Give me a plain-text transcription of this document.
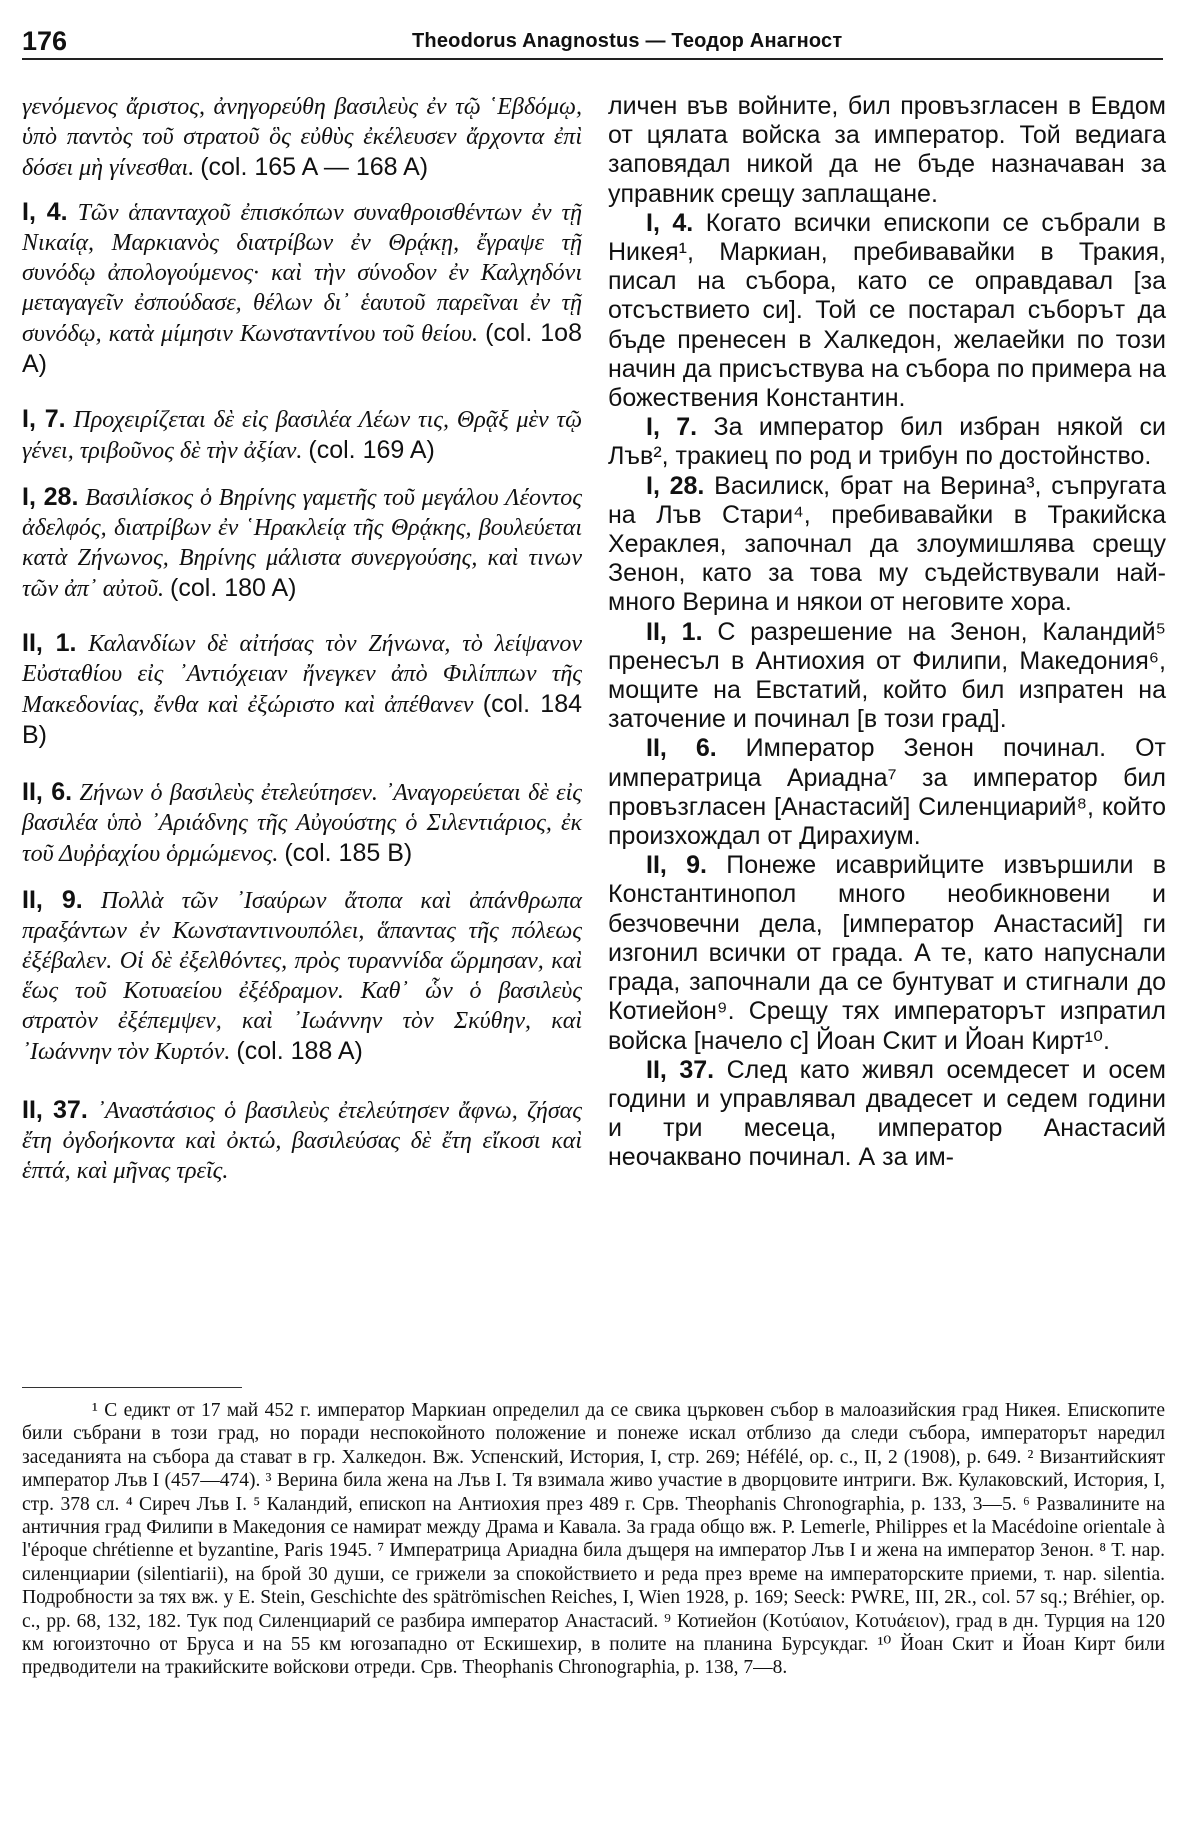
176	Theodorus Anagnostus — Теодор Анагност

γενόμενος ἄριστος, ἀνηγορεύθη βασιλεὺς ἐν τῷ ῾Εβδόμῳ, ὑπὸ παντὸς τοῦ στρατοῦ ὃς εὐθὺς ἐκέλευσεν ἄρχοντα ἐπὶ δόσει μὴ γίνεσθαι. (col. 165 A — 168 A)

I, 4. Τῶν ἁπανταχοῦ ἐπισκόπων συναθροισθέντων ἐν τῇ Νικαίᾳ, Μαρκιανὸς διατρίβων ἐν Θρᾴκῃ, ἔγραψε τῇ συνόδῳ ἀπολογούμενος· καὶ τὴν σύνοδον ἐν Καλχηδόνι μεταγαγεῖν ἐσπούδασε, θέλων δι᾿ ἑαυτοῦ παρεῖναι ἐν τῇ συνόδῳ, κατὰ μίμησιν Κωνσταντίνου τοῦ θείου. (col. 1o8 A)

I, 7. Προχειρίζεται δὲ εἰς βασιλέα Λέων τις, Θρᾷξ μὲν τῷ γένει, τριβοῦνος δὲ τὴν ἀξίαν. (col. 169 A)

I, 28. Βασιλίσκος ὁ Βηρίνης γαμετῆς τοῦ μεγάλου Λέοντος ἀδελφός, διατρίβων ἐν ῾Ηρακλείᾳ τῆς Θρᾴκης, βουλεύεται κατὰ Ζήνωνος, Βηρίνης μάλιστα συνεργούσης, καὶ τινων τῶν ἀπ᾿ αὐτοῦ. (col. 180 A)

II, 1. Καλανδίων δὲ αἰτήσας τὸν Ζήνωνα, τὸ λείψανον Εὐσταθίου εἰς ᾿Αντιόχειαν ἤνεγκεν ἀπὸ Φιλίππων τῆς Μακεδονίας, ἔνθα καὶ ἐξώριστο καὶ ἀπέθανεν (col. 184 B)

II, 6. Ζήνων ὁ βασιλεὺς ἐτελεύτησεν. ᾿Αναγορεύεται δὲ εἰς βασιλέα ὑπὸ ᾿Αριάδνης τῆς Αὐγούστης ὁ Σιλεντιάριος, ἐκ τοῦ Δυῤῥαχίου ὁρμώμενος. (col. 185 B)

II, 9. Πολλὰ τῶν ᾿Ισαύρων ἄτοπα καὶ ἀπάνθρωπα πραξάντων ἐν Κωνσταντινουπόλει, ἅπαντας τῆς πόλεως ἐξέβαλεν. Οἱ δὲ ἐξελθόντες, πρὸς τυραννίδα ὥρμησαν, καὶ ἕως τοῦ Κοτυαείου ἐξέδραμον. Καθ᾿ ὧν ὁ βασιλεὺς στρατὸν ἐξέπεμψεν, καὶ ᾿Ιωάννην τὸν Σκύθην, καὶ ᾿Ιωάννην τὸν Κυρτόν. (col. 188 A)

II, 37. ᾿Αναστάσιος ὁ βασιλεὺς ἐτελεύτησεν ἄφνω, ζήσας ἔτη ὀγδοήκοντα καὶ ὀκτώ, βασιλεύσας δὲ ἔτη εἴκοσι καὶ ἑπτά, καὶ μῆνας τρεῖς.

личен във войните, бил провъзгласен в Евдом от цялата войска за император. Той ведиага заповядал никой да не бъде назначаван за управник срещу заплащане.

I, 4. Когато всички епископи се събрали в Никея¹, Маркиан, пребивавайки в Тракия, писал на събора, като се оправдавал [за отсъствието си]. Той се постарал съборът да бъде пренесен в Халкедон, желаейки по този начин да присъствува на събора по примера на божествения Константин.

I, 7. За император бил избран някой си Лъв², тракиец по род и трибун по достойнство.

I, 28. Василиск, брат на Верина³, съпругата на Лъв Стари⁴, пребивавайки в Тракийска Хераклея, започнал да злоумишлява срещу Зенон, като за това му съдействували най-много Верина и някои от неговите хора.

II, 1. С разрешение на Зенон, Каландий⁵ пренесъл в Антиохия от Филипи, Македония⁶, мощите на Евстатий, който бил изпратен на заточение и починал [в този град].

II, 6. Император Зенон починал. От императрица Ариадна⁷ за император бил провъзгласен [Анастасий] Силенциарий⁸, който произхождал от Дирахиум.

II, 9. Понеже исаврийците извършили в Константинопол много необикновени и безчовечни дела, [император Анастасий] ги изгонил всички от града. А те, като напуснали града, започнали да се бунтуват и стигнали до Котиейон⁹. Срещу тях императорът изпратил войска [начело с] Йоан Скит и Йоан Кирт¹⁰.

II, 37. След като живял осемдесет и осем години и управлявал двадесет и седем години и три месеца, император Анастасий неочаквано починал. А за им-

¹ С едикт от 17 май 452 г. император Маркиан определил да се свика църковен събор в малоазийския град Никея. Епископите били събрани в този град, но поради неспокойното положение и понеже искал отблизо да следи събора, императорът наредил заседанията на събора да стават в гр. Халкедон. Вж. Успенский, История, I, стр. 269; Héfélé, op. c., II, 2 (1908), p. 649. ² Византийският император Лъв I (457—474). ³ Верина била жена на Лъв I. Тя взимала живо участие в дворцовите интриги. Вж. Кулаковский, История, I, стр. 378 сл. ⁴ Сиреч Лъв I. ⁵ Каландий, епископ на Антиохия през 489 г. Срв. Theophanis Chronographia, p. 133, 3—5. ⁶ Развалините на античния град Филипи в Македония се намират между Драма и Кавала. За града общо вж. P. Lemerle, Philippes et la Macédoine orientale à l'époque chrétienne et byzantine, Paris 1945. ⁷ Императрица Ариадна била дъщеря на император Лъв I и жена на император Зенон. ⁸ Т. нар. силенциарии (silentiarii), на брой 30 души, се грижели за спокойствието и реда през време на императорските приеми, т. нар. silentia. Подробности за тях вж. у E. Stein, Geschichte des spätrömischen Reiches, I, Wien 1928, p. 169; Seeck: PWRE, III, 2R., col. 57 sq.; Bréhier, op. c., pp. 68, 132, 182. Тук под Силенциарий се разбира император Анастасий. ⁹ Котиейон (Κοτύαιον, Κοτυάειον), град в дн. Турция на 120 км югоизточно от Бруса и на 55 км югозападно от Ескишехир, в полите на планина Бурсукдаг. ¹⁰ Йоан Скит и Йоан Кирт били предводители на тракийските войскови отреди. Срв. Theophanis Chronographia, p. 138, 7—8.
